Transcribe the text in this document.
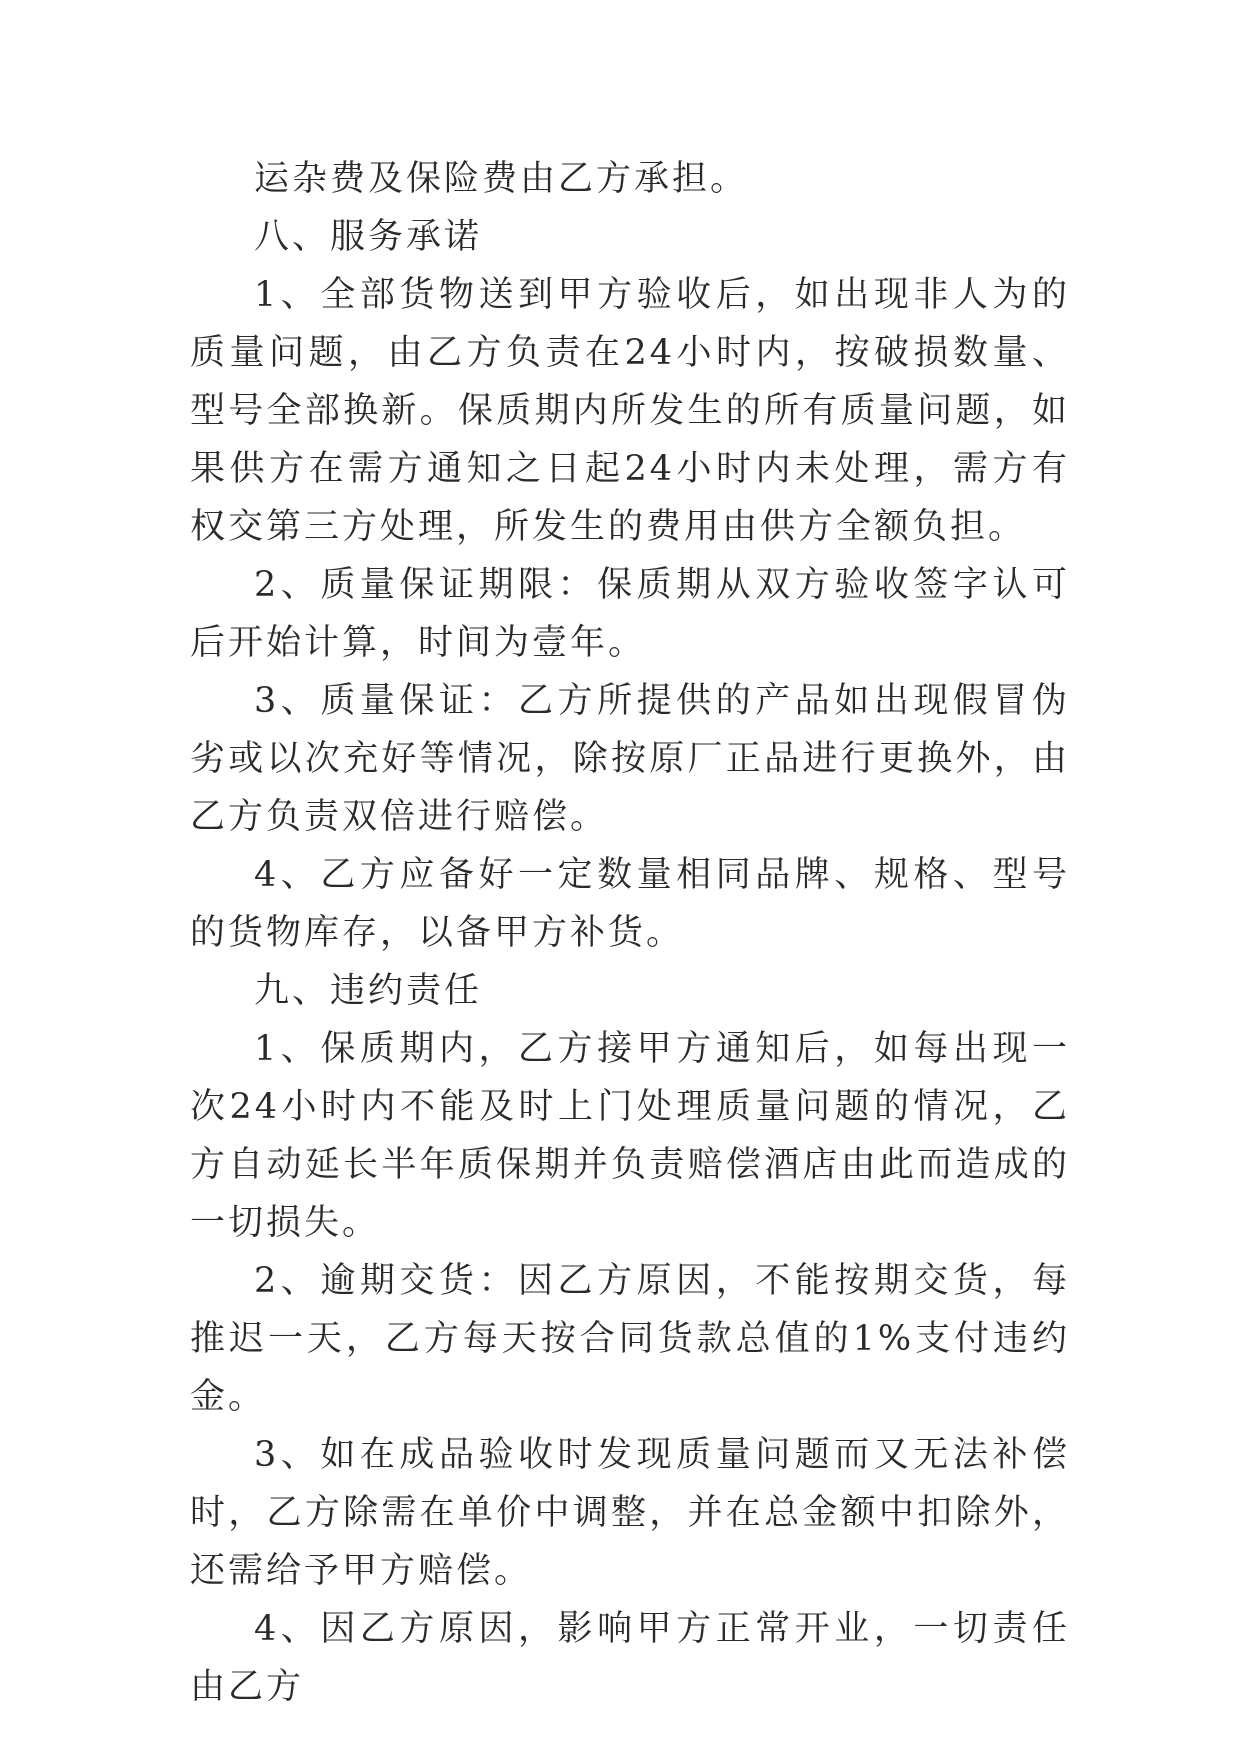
运杂费及保险费由乙方承担。

八、服务承诺

1、全部货物送到甲方验收后，如出现非人为的质量问题，由乙方负责在24小时内，按破损数量、型号全部换新。保质期内所发生的所有质量问题，如果供方在需方通知之日起24小时内未处理，需方有权交第三方处理，所发生的费用由供方全额负担。

2、质量保证期限：保质期从双方验收签字认可后开始计算，时间为壹年。

3、质量保证：乙方所提供的产品如出现假冒伪劣或以次充好等情况，除按原厂正品进行更换外，由乙方负责双倍进行赔偿。

4、乙方应备好一定数量相同品牌、规格、型号的货物库存，以备甲方补货。

九、违约责任

1、保质期内，乙方接甲方通知后，如每出现一次24小时内不能及时上门处理质量问题的情况，乙方自动延长半年质保期并负责赔偿酒店由此而造成的一切损失。

2、逾期交货：因乙方原因，不能按期交货，每推迟一天，乙方每天按合同货款总值的1%支付违约金。

3、如在成品验收时发现质量问题而又无法补偿时，乙方除需在单价中调整，并在总金额中扣除外，还需给予甲方赔偿。

4、因乙方原因，影响甲方正常开业，一切责任由乙方
